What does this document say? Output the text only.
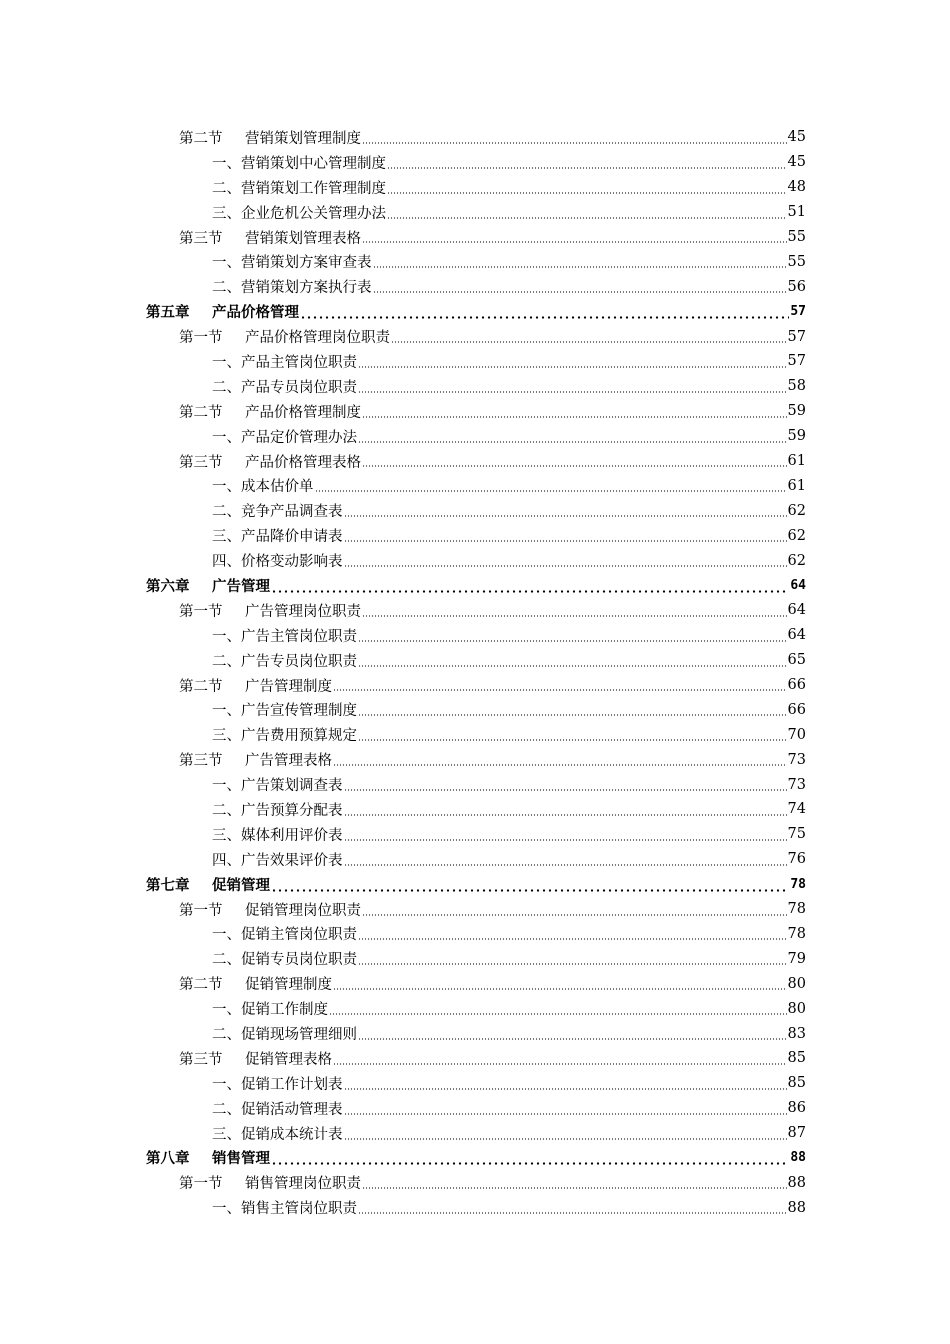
第二节 营销策划管理制度	45
一、营销策划中心管理制度	45
二、营销策划工作管理制度	48
三、企业危机公关管理办法	51
第三节 营销策划管理表格	55
一、营销策划方案审查表	55
二、营销策划方案执行表	56
第五章 产品价格管理	57
第一节 产品价格管理岗位职责	57
一、产品主管岗位职责	57
二、产品专员岗位职责	58
第二节 产品价格管理制度	59
一、产品定价管理办法	59
第三节 产品价格管理表格	61
一、成本估价单	61
二、竞争产品调查表	62
三、产品降价申请表	62
四、价格变动影响表	62
第六章 广告管理	64
第一节 广告管理岗位职责	64
一、广告主管岗位职责	64
二、广告专员岗位职责	65
第二节 广告管理制度	66
一、广告宣传管理制度	66
三、广告费用预算规定	70
第三节 广告管理表格	73
一、广告策划调查表	73
二、广告预算分配表	74
三、媒体利用评价表	75
四、广告效果评价表	76
第七章 促销管理	78
第一节 促销管理岗位职责	78
一、促销主管岗位职责	78
二、促销专员岗位职责	79
第二节 促销管理制度	80
一、促销工作制度	80
二、促销现场管理细则	83
第三节 促销管理表格	85
一、促销工作计划表	85
二、促销活动管理表	86
三、促销成本统计表	87
第八章 销售管理	88
第一节 销售管理岗位职责	88
一、销售主管岗位职责	88
